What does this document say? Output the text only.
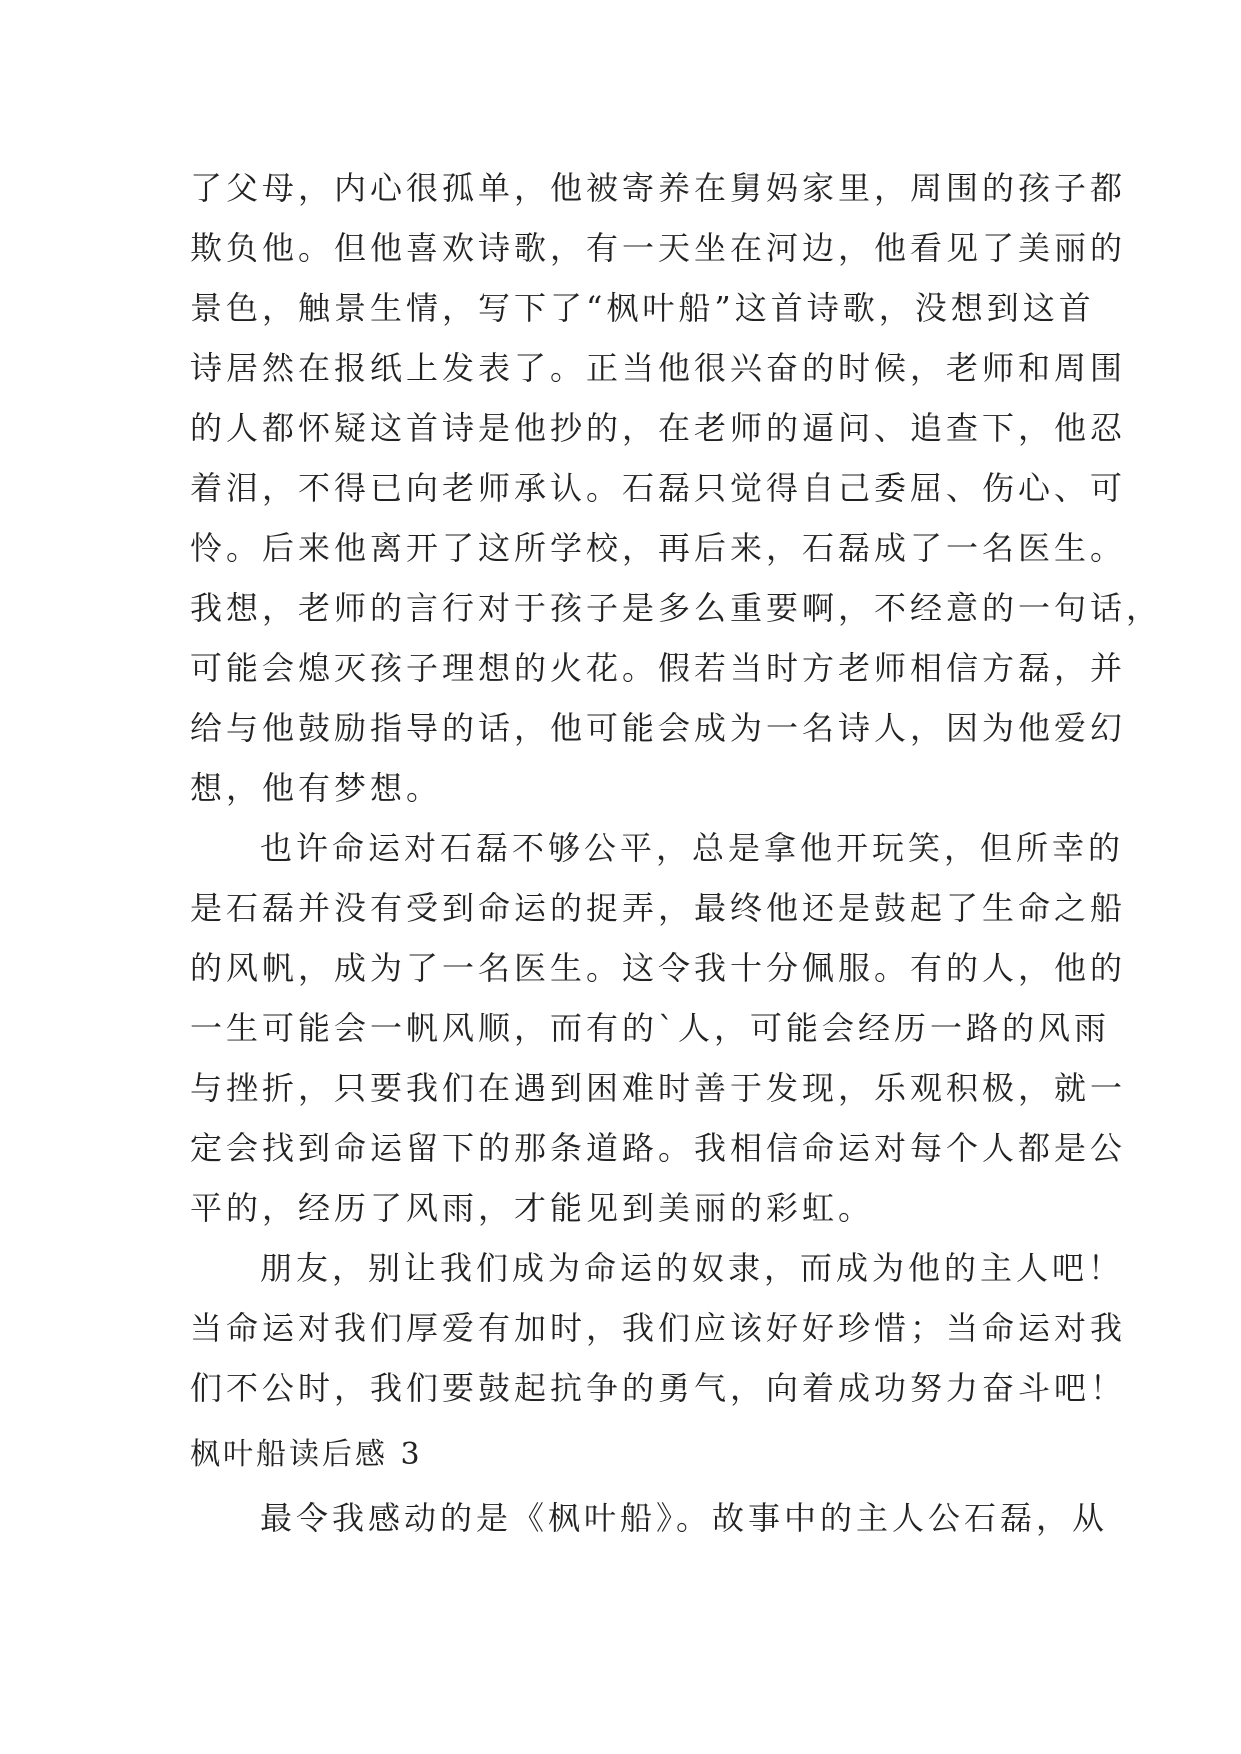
了父母，内心很孤单，他被寄养在舅妈家里，周围的孩子都
欺负他。但他喜欢诗歌，有一天坐在河边，他看见了美丽的
景色，触景生情，写下了“枫叶船”这首诗歌，没想到这首
诗居然在报纸上发表了。正当他很兴奋的时候，老师和周围
的人都怀疑这首诗是他抄的，在老师的逼问、追查下，他忍
着泪，不得已向老师承认。石磊只觉得自己委屈、伤心、可
怜。后来他离开了这所学校，再后来，石磊成了一名医生。
我想，老师的言行对于孩子是多么重要啊，不经意的一句话，
可能会熄灭孩子理想的火花。假若当时方老师相信方磊，并
给与他鼓励指导的话，他可能会成为一名诗人，因为他爱幻
想，他有梦想。
也许命运对石磊不够公平，总是拿他开玩笑，但所幸的
是石磊并没有受到命运的捉弄，最终他还是鼓起了生命之船
的风帆，成为了一名医生。这令我十分佩服。有的人，他的
一生可能会一帆风顺，而有的`人，可能会经历一路的风雨
与挫折，只要我们在遇到困难时善于发现，乐观积极，就一
定会找到命运留下的那条道路。我相信命运对每个人都是公
平的，经历了风雨，才能见到美丽的彩虹。
朋友，别让我们成为命运的奴隶，而成为他的主人吧！
当命运对我们厚爱有加时，我们应该好好珍惜；当命运对我
们不公时，我们要鼓起抗争的勇气，向着成功努力奋斗吧！
枫叶船读后感 3
最令我感动的是《枫叶船》。故事中的主人公石磊，从
